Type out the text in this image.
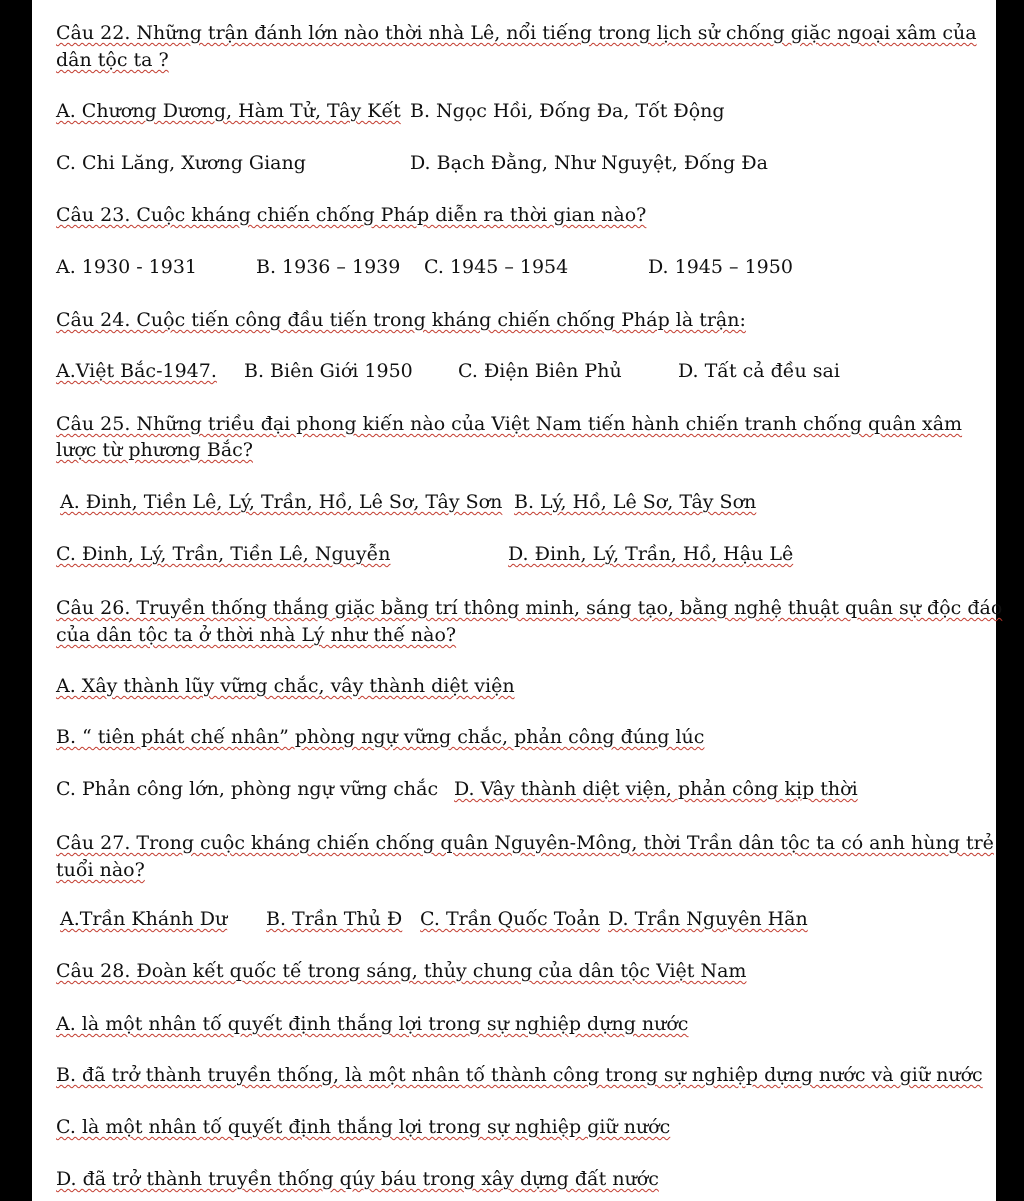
Câu 22. Những trận đánh lớn nào thời nhà Lê, nổi tiếng trong lịch sử chống giặc ngoại xâm của
dân tộc ta ?
A. Chương Dương, Hàm Tử, Tây Kết B. Ngọc Hồi, Đống Đa, Tốt Động
C. Chi Lăng, Xương Giang	D. Bạch Đằng, Như Nguyệt, Đống Đa
Câu 23. Cuộc kháng chiến chống Pháp diễn ra thời gian nào?
A. 1930 - 1931	B. 1936 – 1939 C. 1945 – 1954	D. 1945 – 1950
Câu 24. Cuộc tiến công đầu tiến trong kháng chiến chống Pháp là trận:
A.Việt Bắc-1947. B. Biên Giới 1950 C. Điện Biên Phủ	D. Tất cả đều sai
Câu 25. Những triều đại phong kiến nào của Việt Nam tiến hành chiến tranh chống quân xâm
lược từ phương Bắc?
A. Đinh, Tiền Lê, Lý, Trần, Hồ, Lê Sơ, Tây Sơn B. Lý, Hồ, Lê Sơ, Tây Sơn
C. Đinh, Lý, Trần, Tiền Lê, Nguyễn	D. Đinh, Lý, Trần, Hồ, Hậu Lê
Câu 26. Truyền thống thắng giặc bằng trí thông minh, sáng tạo, bằng nghệ thuật quân sự độc đáo
của dân tộc ta ở thời nhà Lý như thế nào?
A. Xây thành lũy vững chắc, vây thành diệt viện
B. “ tiên phát chế nhân” phòng ngự vững chắc, phản công đúng lúc
C. Phản công lớn, phòng ngự vững chắc D. Vây thành diệt viện, phản công kịp thời
Câu 27. Trong cuộc kháng chiến chống quân Nguyên-Mông, thời Trần dân tộc ta có anh hùng trẻ
tuổi nào?
A.Trần Khánh Dư B. Trần Thủ Đ C. Trần Quốc Toản D. Trần Nguyên Hãn
Câu 28. Đoàn kết quốc tế trong sáng, thủy chung của dân tộc Việt Nam
A. là một nhân tố quyết định thắng lợi trong sự nghiệp dựng nước
B. đã trở thành truyền thống, là một nhân tố thành công trong sự nghiệp dựng nước và giữ nước
C. là một nhân tố quyết định thắng lợi trong sự nghiệp giữ nước
D. đã trở thành truyền thống qúy báu trong xây dựng đất nước
